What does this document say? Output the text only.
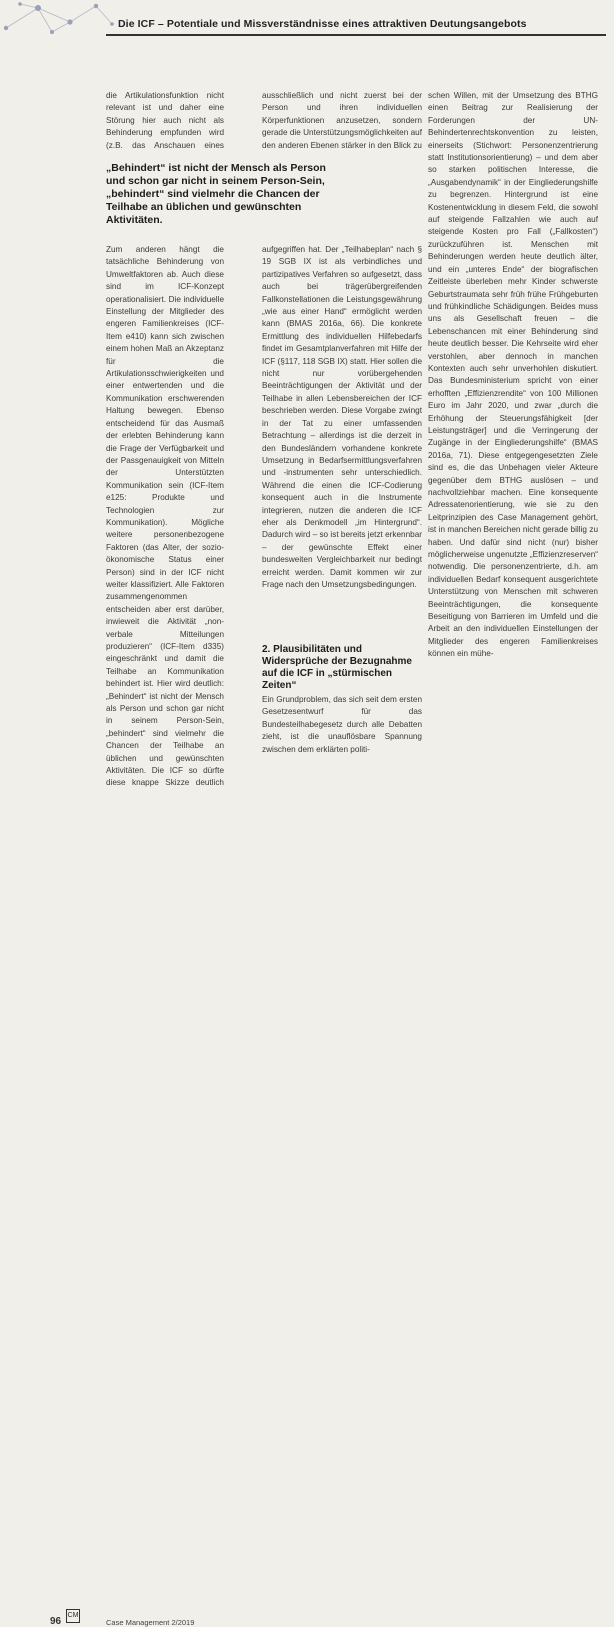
Die ICF – Potentiale und Missverständnisse eines attraktiven Deutungsangebots

die Artikulationsfunktion nicht relevant ist und daher eine Störung hier auch nicht als Behinderung empfunden wird (z.B. das Anschauen eines

„Behindert“ ist nicht der Mensch als Person und schon gar nicht in seinem Person-Sein, „behindert“ sind vielmehr die Chancen der Teilhabe an üblichen und gewünschten Aktivitäten.

Zum anderen hängt die tatsächliche Behinderung von Umweltfaktoren ab. Auch diese sind im ICF-Konzept operationalisiert. Die individuelle Einstellung der Mitglieder des engeren Familienkreises (ICF-Item e410) kann sich zwischen einem hohen Maß an Akzeptanz für die Artikulationsschwierigkeiten und einer entwertenden und die Kommunikation erschwerenden Haltung bewegen. Ebenso entscheidend für das Ausmaß der erlebten Behinderung kann die Frage der Verfügbarkeit und der Passgenauigkeit von Mitteln der Unterstützten Kommunikation sein (ICF-Item e125: Produkte und Technologien zur Kommunikation). Mögliche weitere personenbezogene Faktoren (das Alter, der sozio-ökonomische Status einer Person) sind in der ICF nicht weiter klassifiziert. Alle Faktoren zusammengenommen entscheiden aber erst darüber, inwieweit die Aktivität „non-verbale Mitteilungen produzieren“ (ICF-Item d335) eingeschränkt und damit die Teilhabe an Kommunikation behindert ist. Hier wird deutlich: „Behindert“ ist nicht der Mensch als Person und schon gar nicht in seinem Person-Sein, „behindert“ sind vielmehr die Chancen der Teilhabe an üblichen und gewünschten Aktivitäten. Die ICF so dürfte diese knappe Skizze deutlich

ausschließlich und nicht zuerst bei der Person und ihren individuellen Körperfunktionen anzusetzen, sondern gerade die Unterstützungsmöglichkeiten auf den anderen Ebenen stärker in den Blick zu

aufgegriffen hat. Der „Teilhabeplan“ nach § 19 SGB IX ist als verbindliches und partizipatives Verfahren so aufgesetzt, dass auch bei trägerübergreifenden Fallkonstellationen die Leistungsgewährung „wie aus einer Hand“ ermöglicht werden kann (BMAS 2016a, 66). Die konkrete Ermittlung des individuellen Hilfebedarfs findet im Gesamtplanverfahren mit Hilfe der ICF (§117, 118 SGB IX) statt. Hier sollen die nicht nur vorübergehenden Beeinträchtigungen der Aktivität und der Teilhabe in allen Lebensbereichen der ICF beschrieben werden. Diese Vorgabe zwingt in der Tat zu einer umfassenden Betrachtung – allerdings ist die derzeit in den Bundesländern vorhandene konkrete Umsetzung in Bedarfsermittlungsverfahren und -instrumenten sehr unterschiedlich. Während die einen die ICF-Codierung konsequent auch in die Instrumente integrieren, nutzen die anderen die ICF eher als Denkmodell „im Hintergrund“. Dadurch wird – so ist bereits jetzt erkennbar – der gewünschte Effekt einer bundesweiten Vergleichbarkeit nur bedingt erreicht werden. Damit kommen wir zur Frage nach den Umsetzungsbedingungen.

2. Plausibilitäten und Widersprüche der Bezugnahme auf die ICF in „stürmischen Zeiten“

Ein Grundproblem, das sich seit dem ersten Gesetzesentwurf für das Bundesteilhabegesetz durch alle Debatten zieht, ist die unauflösbare Spannung zwischen dem erklärten politi-

schen Willen, mit der Umsetzung des BTHG einen Beitrag zur Realisierung der Forderungen der UN-Behindertenrechtskonvention zu leisten, einerseits (Stichwort: Personenzentrierung statt Institutionsorientierung) – und dem aber so starken politischen Interesse, die „Ausgabendynamik“ in der Eingliederungshilfe zu begrenzen. Hintergrund ist eine Kostenentwicklung in diesem Feld, die sowohl auf steigende Fallzahlen wie auch auf steigende Kosten pro Fall („Fallkosten“) zurückzuführen ist. Menschen mit Behinderungen werden heute deutlich älter, und ein „unteres Ende“ der biografischen Zeitleiste überleben mehr Kinder schwerste Geburtstraumata sehr früh frühe Frühgeburten und frühkindliche Schädigungen. Beides muss uns als Gesellschaft freuen – die Lebenschancen mit einer Behinderung sind heute deutlich besser. Die Kehrseite wird eher verstohlen, aber dennoch in manchen Kontexten auch sehr unverhohlen diskutiert. Das Bundesministerium spricht von einer erhofften „Effizienzrendite“ von 100 Millionen Euro im Jahr 2020, und zwar „durch die Erhöhung der Steuerungsfähigkeit [der Leistungsträger] und die Verringerung der Zugänge in der Eingliederungshilfe“ (BMAS 2016a, 71). Diese entgegengesetzten Ziele sind es, die das Unbehagen vieler Akteure gegenüber dem BTHG auslösen – und nachvollziehbar machen. Eine konsequente Adressatenorientierung, wie sie zu den Leitprinzipien des Case Management gehört, ist in manchen Bereichen nicht gerade billig zu haben. Und dafür sind nicht (nur) bisher möglicherweise ungenutzte „Effizienzreserven“ notwendig. Die personenzentrierte, d.h. am individuellen Bedarf konsequent ausgerichtete Unterstützung von Menschen mit schweren Beeinträchtigungen, die konsequente Beseitigung von Barrieren im Umfeld und die Arbeit an den individuellen Einstellungen der Mitglieder des engeren Familienkreises können ein mühe-

96
CM
Case Management 2/2019
